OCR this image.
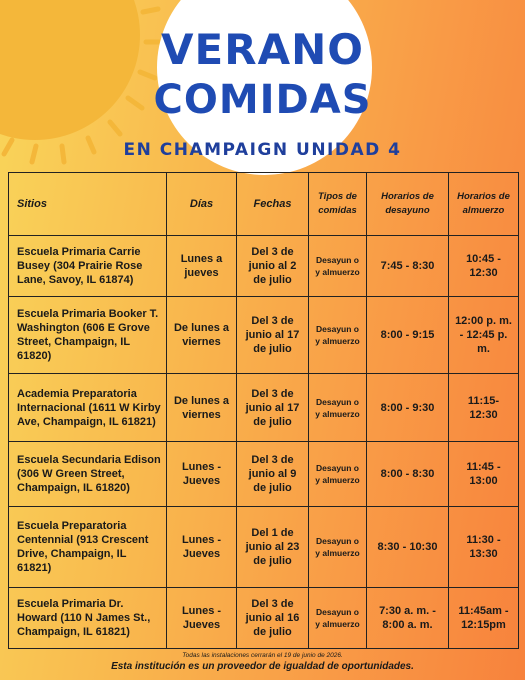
VERANO
COMIDAS
EN CHAMPAIGN UNIDAD 4
Sitios	Días	Fechas	Tipos de comidas	Horarios de desayuno	Horarios de almuerzo
Escuela Primaria Carrie Busey (304 Prairie Rose Lane, Savoy, IL 61874)	Lunes a jueves	Del 3 de junio al 2 de julio	Desayun o y almuerzo	7:45 - 8:30	10:45 - 12:30
Escuela Primaria Booker T. Washington (606 E Grove Street, Champaign, IL 61820)	De lunes a viernes	Del 3 de junio al 17 de julio	Desayun o y almuerzo	8:00 - 9:15	12:00 p. m. - 12:45 p. m.
Academia Preparatoria Internacional (1611 W Kirby Ave, Champaign, IL 61821)	De lunes a viernes	Del 3 de junio al 17 de julio	Desayun o y almuerzo	8:00 - 9:30	11:15- 12:30
Escuela Secundaria Edison (306 W Green Street, Champaign, IL 61820)	Lunes - Jueves	Del 3 de junio al 9 de julio	Desayun o y almuerzo	8:00 - 8:30	11:45 - 13:00
Escuela Preparatoria Centennial (913 Crescent Drive, Champaign, IL 61821)	Lunes - Jueves	Del 1 de junio al 23 de julio	Desayun o y almuerzo	8:30 - 10:30	11:30 - 13:30
Escuela Primaria Dr. Howard (110 N James St., Champaign, IL 61821)	Lunes - Jueves	Del 3 de junio al 16 de julio	Desayun o y almuerzo	7:30 a. m. - 8:00 a. m.	11:45am - 12:15pm
Todas las instalaciones cerrarán el 19 de junio de 2026.
Esta institución es un proveedor de igualdad de oportunidades.
